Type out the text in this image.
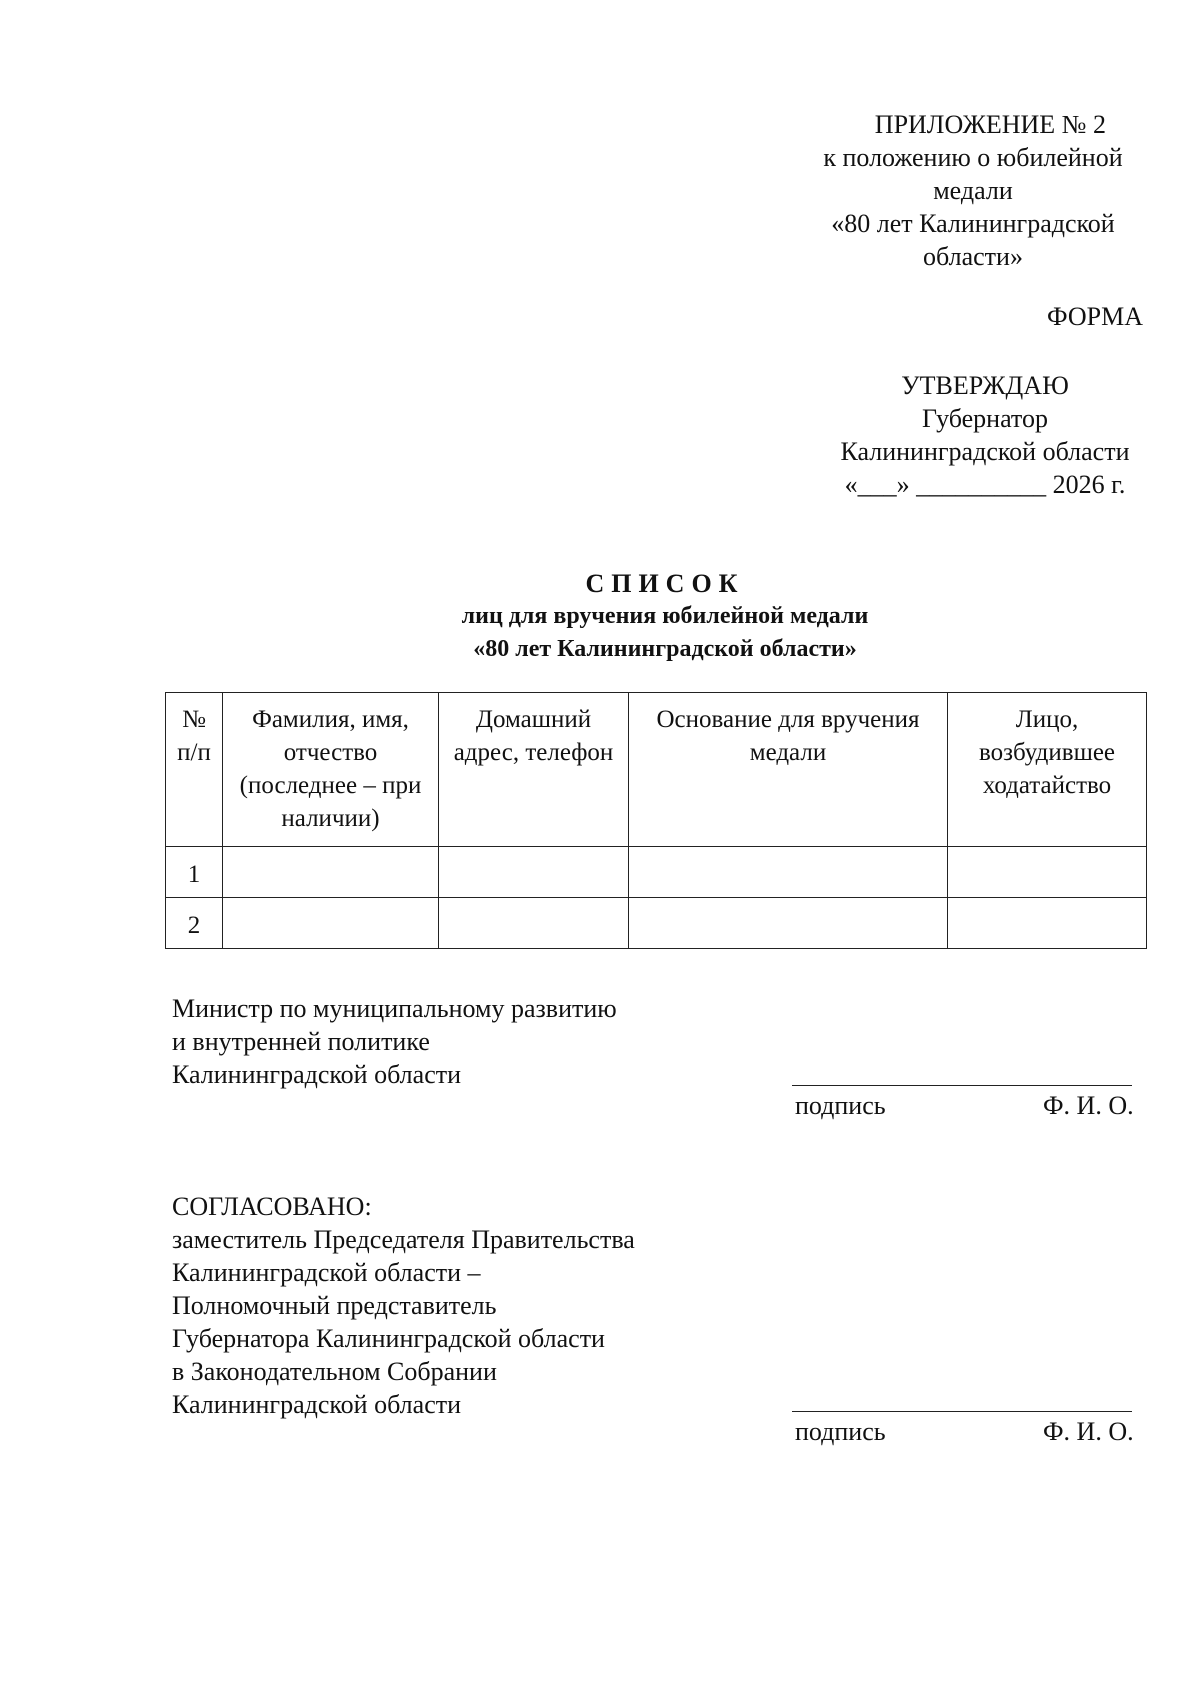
ПРИЛОЖЕНИЕ № 2
к положению о юбилейной
медали
«80 лет Калининградской
области»
ФОРМА
УТВЕРЖДАЮ
Губернатор
Калининградской области
«___» __________ 2026 г.
СПИСОК
лиц для вручения юбилейной медали
«80 лет Калининградской области»
№ п/п	Фамилия, имя, отчество (последнее – при наличии)	Домашний адрес, телефон	Основание для вручения медали	Лицо, возбудившее ходатайство
1				
2				
Министр по муниципальному развитию
и внутренней политике
Калининградской области
подпись	Ф. И. О.
СОГЛАСОВАНО:
заместитель Председателя Правительства
Калининградской области –
Полномочный представитель
Губернатора Калининградской области
в Законодательном Собрании
Калининградской области
подпись	Ф. И. О.
